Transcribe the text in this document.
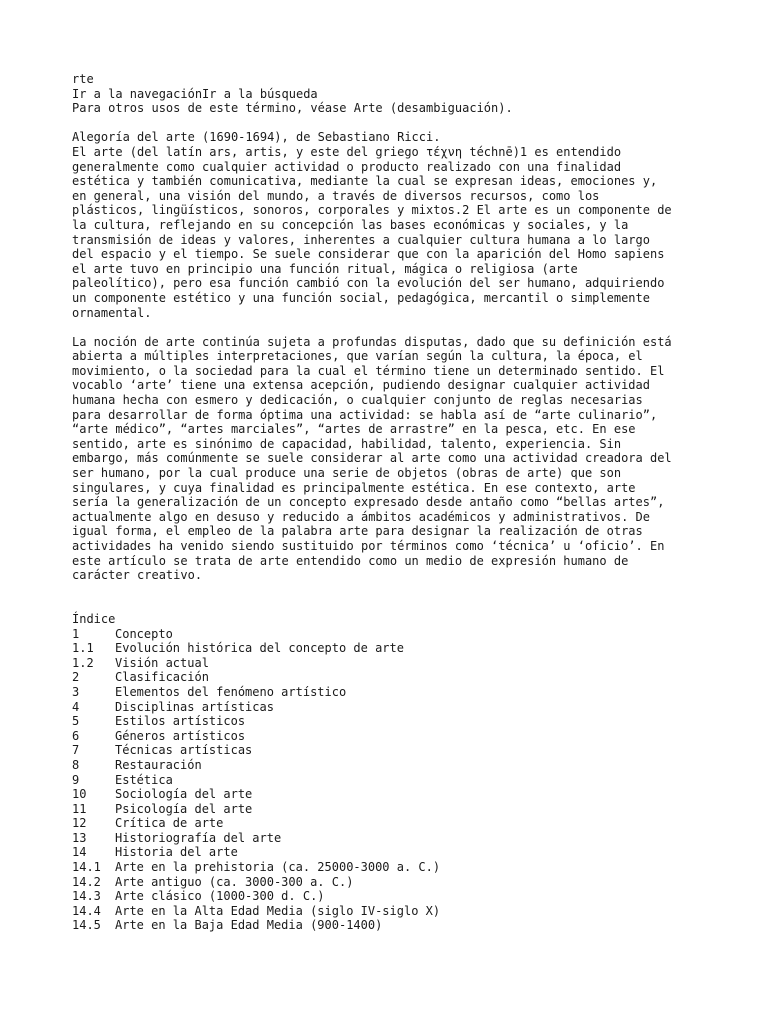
rte
Ir a la navegaciónIr a la búsqueda
Para otros usos de este término, véase Arte (desambiguación).
Alegoría del arte (1690-1694), de Sebastiano Ricci.
El arte (del latín ars, artis, y este del griego τέχνη téchnē)1 es entendido
generalmente como cualquier actividad o producto realizado con una finalidad
estética y también comunicativa, mediante la cual se expresan ideas, emociones y,
en general, una visión del mundo, a través de diversos recursos, como los
plásticos, lingüísticos, sonoros, corporales y mixtos.2 El arte es un componente de
la cultura, reflejando en su concepción las bases económicas y sociales, y la
transmisión de ideas y valores, inherentes a cualquier cultura humana a lo largo
del espacio y el tiempo. Se suele considerar que con la aparición del Homo sapiens
el arte tuvo en principio una función ritual, mágica o religiosa (arte
paleolítico), pero esa función cambió con la evolución del ser humano, adquiriendo
un componente estético y una función social, pedagógica, mercantil o simplemente
ornamental.
La noción de arte continúa sujeta a profundas disputas, dado que su definición está
abierta a múltiples interpretaciones, que varían según la cultura, la época, el
movimiento, o la sociedad para la cual el término tiene un determinado sentido. El
vocablo ‘arte’ tiene una extensa acepción, pudiendo designar cualquier actividad
humana hecha con esmero y dedicación, o cualquier conjunto de reglas necesarias
para desarrollar de forma óptima una actividad: se habla así de “arte culinario”,
“arte médico”, “artes marciales”, “artes de arrastre” en la pesca, etc. En ese
sentido, arte es sinónimo de capacidad, habilidad, talento, experiencia. Sin
embargo, más comúnmente se suele considerar al arte como una actividad creadora del
ser humano, por la cual produce una serie de objetos (obras de arte) que son
singulares, y cuya finalidad es principalmente estética. En ese contexto, arte
sería la generalización de un concepto expresado desde antaño como “bellas artes”,
actualmente algo en desuso y reducido a ámbitos académicos y administrativos. De
igual forma, el empleo de la palabra arte para designar la realización de otras
actividades ha venido siendo sustituido por términos como ‘técnica’ u ‘oficio’. En
este artículo se trata de arte entendido como un medio de expresión humano de
carácter creativo.
Índice
1	Concepto
1.1 Evolución histórica del concepto de arte
1.2 Visión actual
2	Clasificación
3	Elementos del fenómeno artístico
4	Disciplinas artísticas
5	Estilos artísticos
6	Géneros artísticos
7	Técnicas artísticas
8	Restauración
9	Estética
10 Sociología del arte
11 Psicología del arte
12 Crítica de arte
13 Historiografía del arte
14 Historia del arte
14.1 Arte en la prehistoria (ca. 25000-3000 a. C.)
14.2 Arte antiguo (ca. 3000-300 a. C.)
14.3 Arte clásico (1000-300 d. C.)
14.4 Arte en la Alta Edad Media (siglo IV-siglo X)
14.5 Arte en la Baja Edad Media (900-1400)
